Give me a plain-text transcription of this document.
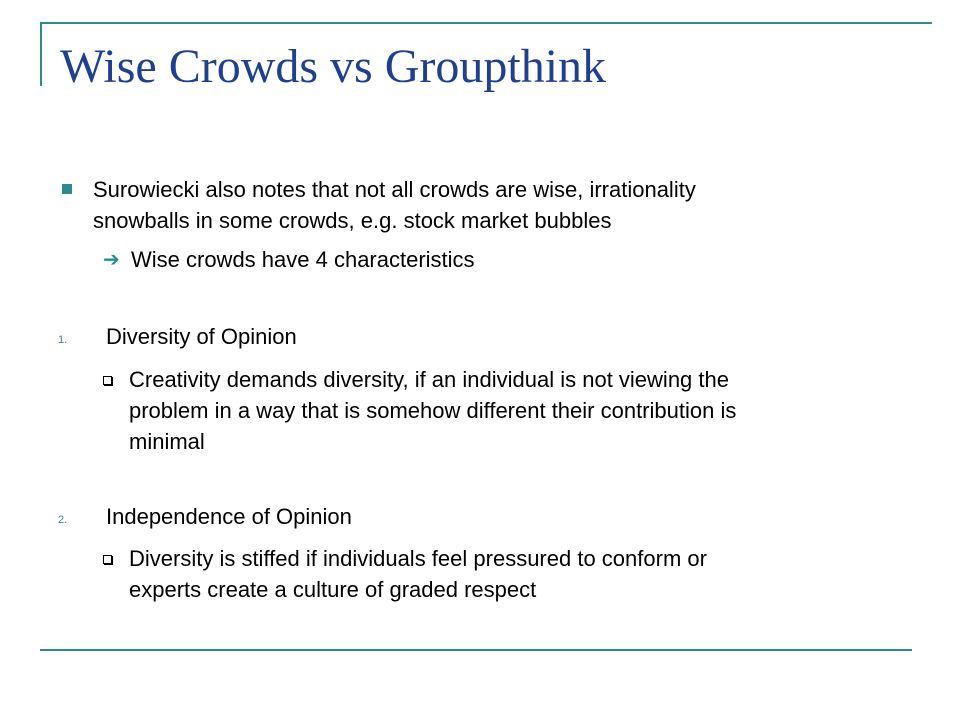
Wise Crowds vs Groupthink
Surowiecki also notes that not all crowds are wise, irrationality
snowballs in some crowds, e.g. stock market bubbles
➔ Wise crowds have 4 characteristics
1. Diversity of Opinion
Creativity demands diversity, if an individual is not viewing the
problem in a way that is somehow different their contribution is
minimal
2. Independence of Opinion
Diversity is stiffed if individuals feel pressured to conform or
experts create a culture of graded respect
